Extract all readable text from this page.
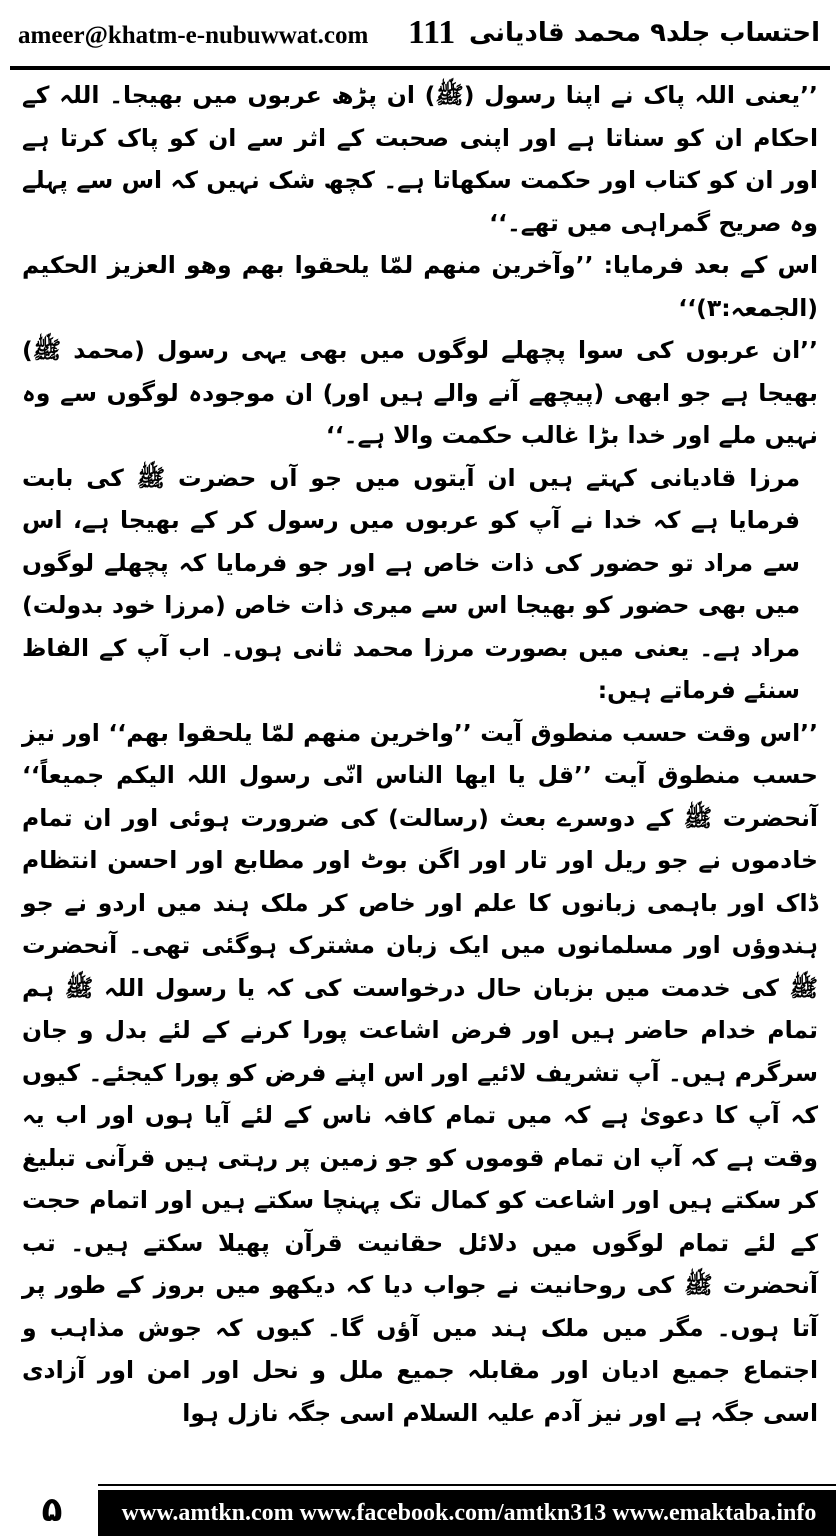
ameer@khatm-e-nubuwwat.com 111 احتساب جلد۹ محمد قادیانی

’’یعنی اللہ پاک نے اپنا رسول (ﷺ) ان پڑھ عربوں میں بھیجا۔ اللہ کے احکام ان کو سناتا ہے اور اپنی صحبت کے اثر سے ان کو پاک کرتا ہے اور ان کو کتاب اور حکمت سکھاتا ہے۔ کچھ شک نہیں کہ اس سے پہلے وہ صریح گمراہی میں تھے۔‘‘

اس کے بعد فرمایا: ’’وآخرین منھم لمّا یلحقوا بھم وھو العزیز الحکیم (الجمعہ:۳)‘‘

’’ان عربوں کی سوا پچھلے لوگوں میں بھی یہی رسول (محمد ﷺ) بھیجا ہے جو ابھی (پیچھے آنے والے ہیں اور) ان موجودہ لوگوں سے وہ نہیں ملے اور خدا بڑا غالب حکمت والا ہے۔‘‘

مرزا قادیانی کہتے ہیں ان آیتوں میں جو آں حضرت ﷺ کی بابت فرمایا ہے کہ خدا نے آپ کو عربوں میں رسول کر کے بھیجا ہے، اس سے مراد تو حضور کی ذات خاص ہے اور جو فرمایا کہ پچھلے لوگوں میں بھی حضور کو بھیجا اس سے میری ذات خاص (مرزا خود بدولت) مراد ہے۔ یعنی میں بصورت مرزا محمد ثانی ہوں۔ اب آپ کے الفاظ سنئے فرماتے ہیں:

’’اس وقت حسب منطوق آیت ’’واخرین منھم لمّا یلحقوا بھم‘‘ اور نیز حسب منطوق آیت ’’قل یا ایھا الناس انّی رسول اللہ الیکم جمیعاً‘‘ آنحضرت ﷺ کے دوسرے بعث (رسالت) کی ضرورت ہوئی اور ان تمام خادموں نے جو ریل اور تار اور اگن بوٹ اور مطابع اور احسن انتظام ڈاک اور باہمی زبانوں کا علم اور خاص کر ملک ہند میں اردو نے جو ہندوؤں اور مسلمانوں میں ایک زبان مشترک ہوگئی تھی۔ آنحضرت ﷺ کی خدمت میں بزبان حال درخواست کی کہ یا رسول اللہ ﷺ ہم تمام خدام حاضر ہیں اور فرض اشاعت پورا کرنے کے لئے بدل و جان سرگرم ہیں۔ آپ تشریف لائیے اور اس اپنے فرض کو پورا کیجئے۔ کیوں کہ آپ کا دعویٰ ہے کہ میں تمام کافہ ناس کے لئے آیا ہوں اور اب یہ وقت ہے کہ آپ ان تمام قوموں کو جو زمین پر رہتی ہیں قرآنی تبلیغ کر سکتے ہیں اور اشاعت کو کمال تک پہنچا سکتے ہیں اور اتمام حجت کے لئے تمام لوگوں میں دلائل حقانیت قرآن پھیلا سکتے ہیں۔ تب آنحضرت ﷺ کی روحانیت نے جواب دیا کہ دیکھو میں بروز کے طور پر آتا ہوں۔ مگر میں ملک ہند میں آؤں گا۔ کیوں کہ جوش مذاہب و اجتماع جمیع ادیان اور مقابلہ جمیع ملل و نحل اور امن اور آزادی اسی جگہ ہے اور نیز آدم علیہ السلام اسی جگہ نازل ہوا

۵	www.amtkn.com www.facebook.com/amtkn313 www.emaktaba.info
